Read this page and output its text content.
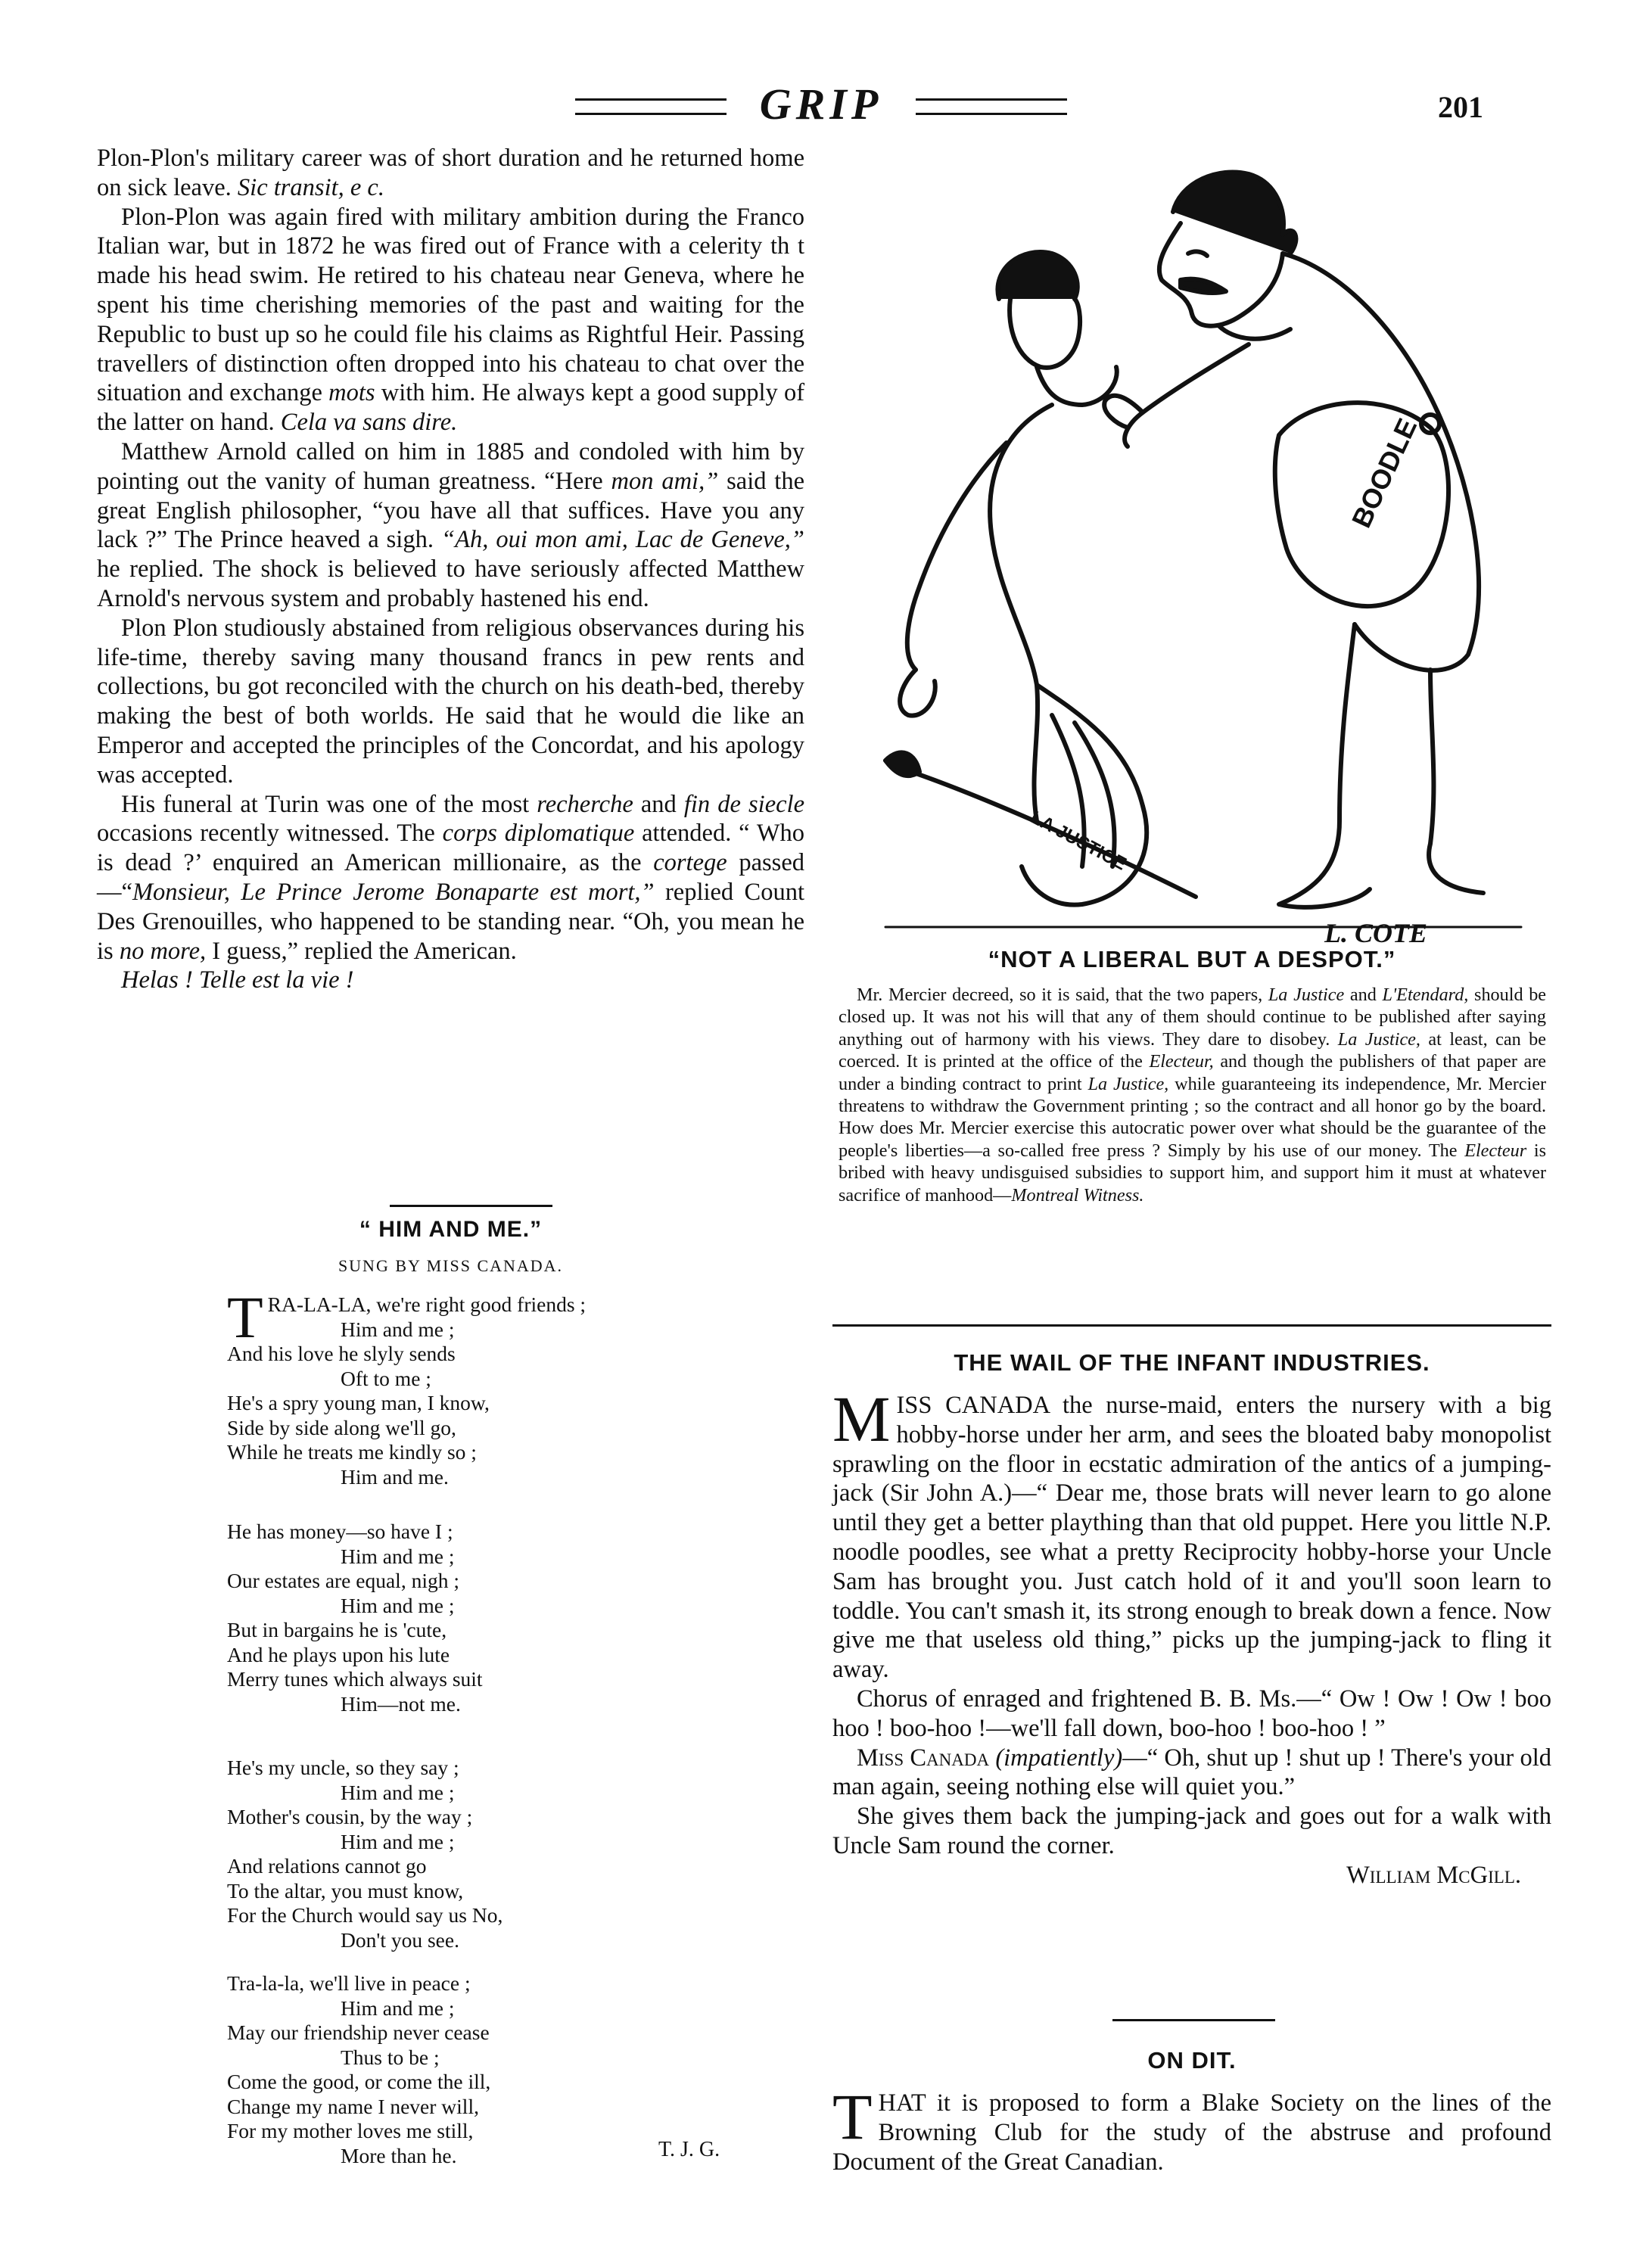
GRIP	201

Plon-Plon's military career was of short duration and he returned home on sick leave. Sic transit, e c.

Plon-Plon was again fired with military ambition during the Franco Italian war, but in 1872 he was fired out of France with a celerity th t made his head swim. He retired to his chateau near Geneva, where he spent his time cherishing memories of the past and waiting for the Republic to bust up so he could file his claims as Rightful Heir. Passing travellers of distinction often dropped into his chateau to chat over the situation and exchange mots with him. He always kept a good supply of the latter on hand. Cela va sans dire.

Matthew Arnold called on him in 1885 and condoled with him by pointing out the vanity of human greatness. “Here mon ami,” said the great English philosopher, “you have all that suffices. Have you any lack ?” The Prince heaved a sigh. “Ah, oui mon ami, Lac de Geneve,” he replied. The shock is believed to have seriously affected Matthew Arnold's nervous system and probably hastened his end.

Plon Plon studiously abstained from religious observances during his life-time, thereby saving many thousand francs in pew rents and collections, bu got reconciled with the church on his death-bed, thereby making the best of both worlds. He said that he would die like an Emperor and accepted the principles of the Concordat, and his apology was accepted.

His funeral at Turin was one of the most recherche and fin de siecle occasions recently witnessed. The corps diplomatique attended. “ Who is dead ?’ enquired an American millionaire, as the cortege passed—“Monsieur, Le Prince Jerome Bonaparte est mort,” replied Count Des Grenouilles, who happened to be standing near. “Oh, you mean he is no more, I guess,” replied the American.

Helas ! Telle est la vie !

“ HIM AND ME.”
SUNG BY MISS CANADA.
TRA-LA-LA, we're right good friends ;
Him and me ;
And his love he slyly sends
Oft to me ;
He's a spry young man, I know,
Side by side along we'll go,
While he treats me kindly so ;
Him and me.
He has money—so have I ;
Him and me ;
Our estates are equal, nigh ;
Him and me ;
But in bargains he is 'cute,
And he plays upon his lute
Merry tunes which always suit
Him—not me.
He's my uncle, so they say ;
Him and me ;
Mother's cousin, by the way ;
Him and me ;
And relations cannot go
To the altar, you must know,
For the Church would say us No,
Don't you see.
Tra-la-la, we'll live in peace ;
Him and me ;
May our friendship never cease
Thus to be ;
Come the good, or come the ill,
Change my name I never will,
For my mother loves me still,
More than he.	T. J. G.
BOODLE
LA JUSTICE
L. COTE
“NOT A LIBERAL BUT A DESPOT.”

Mr. Mercier decreed, so it is said, that the two papers, La Justice and L'Etendard, should be closed up. It was not his will that any of them should continue to be published after saying anything out of harmony with his views. They dare to disobey. La Justice, at least, can be coerced. It is printed at the office of the Electeur, and though the publishers of that paper are under a binding contract to print La Justice, while guaranteeing its independence, Mr. Mercier threatens to withdraw the Government printing ; so the contract and all honor go by the board. How does Mr. Mercier exercise this autocratic power over what should be the guarantee of the people's liberties—a so-called free press ? Simply by his use of our money. The Electeur is bribed with heavy undisguised subsidies to support him, and support him it must at whatever sacrifice of manhood—Montreal Witness.

THE WAIL OF THE INFANT INDUSTRIES.

MISS CANADA the nurse-maid, enters the nursery with a big hobby-horse under her arm, and sees the bloated baby monopolist sprawling on the floor in ecstatic admiration of the antics of a jumping-jack (Sir John A.)—“ Dear me, those brats will never learn to go alone until they get a better plaything than that old puppet. Here you little N.P. noodle poodles, see what a pretty Reciprocity hobby-horse your Uncle Sam has brought you. Just catch hold of it and you'll soon learn to toddle. You can't smash it, its strong enough to break down a fence. Now give me that useless old thing,” picks up the jumping-jack to fling it away.

Chorus of enraged and frightened B. B. Ms.—“ Ow ! Ow ! Ow ! boo hoo ! boo-hoo !—we'll fall down, boo-hoo ! boo-hoo ! ”

Miss Canada (impatiently)—“ Oh, shut up ! shut up ! There's your old man again, seeing nothing else will quiet you.”

She gives them back the jumping-jack and goes out for a walk with Uncle Sam round the corner.

William McGill.
ON DIT.

THAT it is proposed to form a Blake Society on the lines of the Browning Club for the study of the abstruse and profound Document of the Great Canadian.
